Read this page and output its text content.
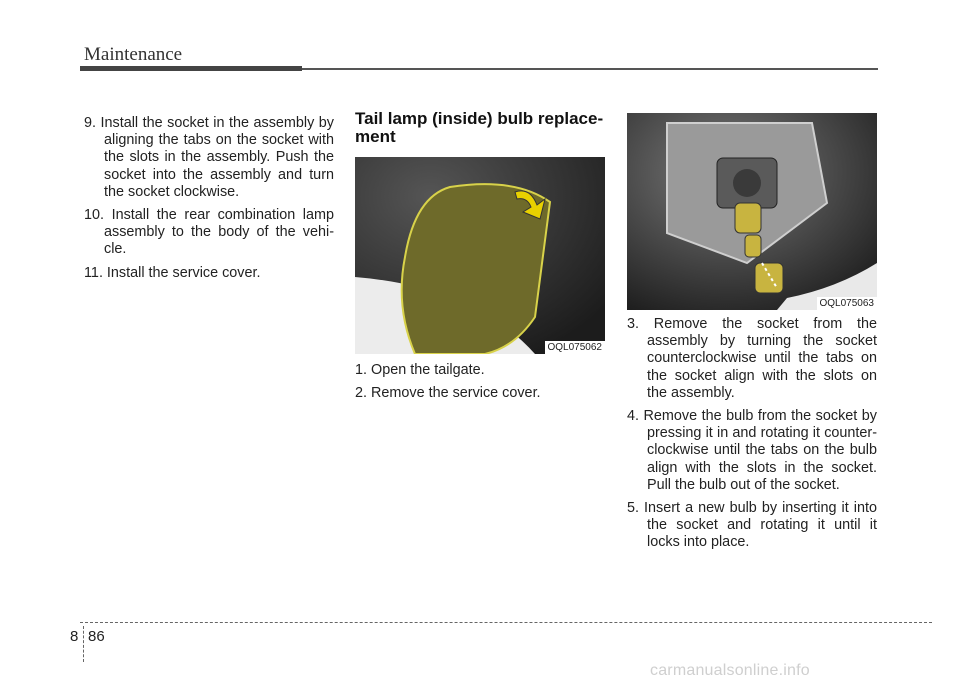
Maintenance

9. Install the socket in the assembly by aligning the tabs on the socket with the slots in the assembly. Push the socket into the assembly and turn the socket clockwise.

10. Install the rear combination lamp assembly to the body of the vehi-cle.

11. Install the service cover.

Tail lamp (inside) bulb replace-ment
OQL075062

1. Open the tailgate.

2. Remove the service cover.

OQL075063

3. Remove the socket from the assembly by turning the socket counterclockwise until the tabs on the socket align with the slots on the assembly.

4. Remove the bulb from the socket by pressing it in and rotating it counter-clockwise until the tabs on the bulb align with the slots in the socket. Pull the bulb out of the socket.

5. Insert a new bulb by inserting it into the socket and rotating it until it locks into place.

8 86
carmanualsonline.info
